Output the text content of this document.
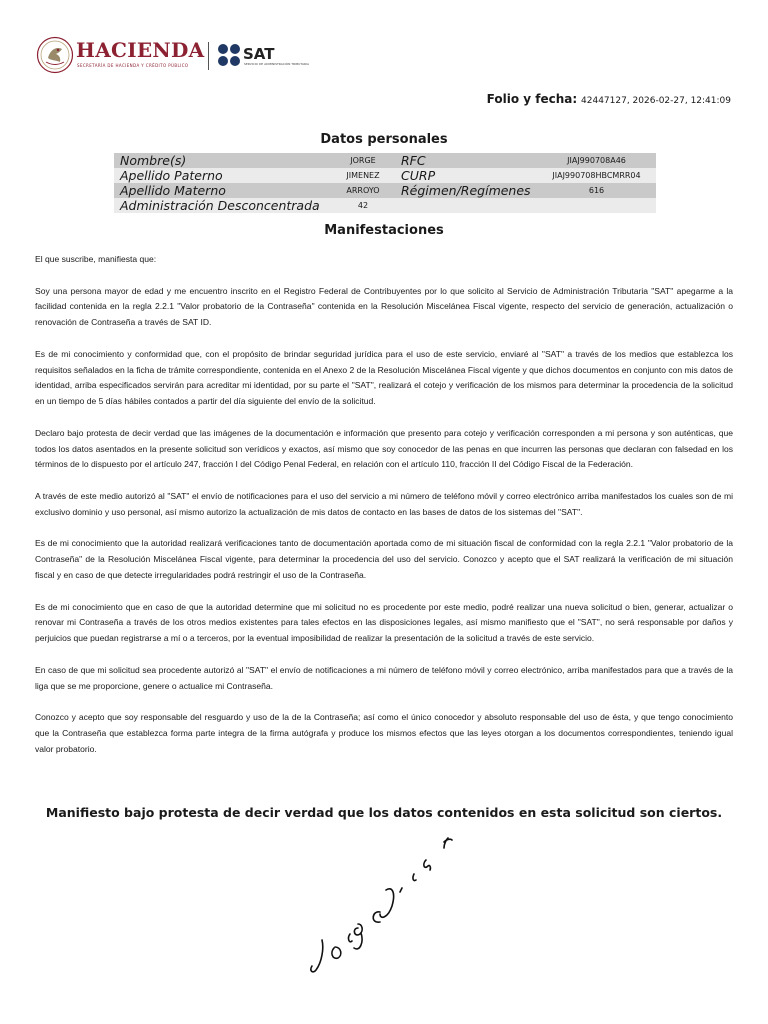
HACIENDA
SECRETARÍA DE HACIENDA Y CRÉDITO PÚBLICO
SAT
SERVICIO DE ADMINISTRACIÓN TRIBUTARIA
Folio y fecha: 42447127, 2026-02-27, 12:41:09
Datos personales
Nombre(s)	JORGE	RFC	JIAJ990708A46
Apellido Paterno	JIMENEZ	CURP	JIAJ990708HBCMRR04
Apellido Materno	ARROYO	Régimen/Regímenes	616
Administración Desconcentrada	42		
Manifestaciones

El que suscribe, manifiesta que:

Soy una persona mayor de edad y me encuentro inscrito en el Registro Federal de Contribuyentes por lo que solicito al Servicio de Administración Tributaria "SAT" apegarme a la facilidad contenida en la regla 2.2.1 "Valor probatorio de la Contraseña" contenida en la Resolución Miscelánea Fiscal vigente, respecto del servicio de generación, actualización o renovación de Contraseña a través de SAT ID.

Es de mi conocimiento y conformidad que, con el propósito de brindar seguridad jurídica para el uso de este servicio, enviaré al "SAT" a través de los medios que establezca los requisitos señalados en la ficha de trámite correspondiente, contenida en el Anexo 2 de la Resolución Miscelánea Fiscal vigente y que dichos documentos en conjunto con mis datos de identidad, arriba especificados servirán para acreditar mi identidad, por su parte el "SAT", realizará el cotejo y verificación de los mismos para determinar la procedencia de la solicitud en un tiempo de 5 días hábiles contados a partir del día siguiente del envío de la solicitud.

Declaro bajo protesta de decir verdad que las imágenes de la documentación e información que presento para cotejo y verificación corresponden a mi persona y son auténticas, que todos los datos asentados en la presente solicitud son verídicos y exactos, así mismo que soy conocedor de las penas en que incurren las personas que declaran con falsedad en los términos de lo dispuesto por el artículo 247, fracción I del Código Penal Federal, en relación con el artículo 110, fracción II del Código Fiscal de la Federación.

A través de este medio autorizó al "SAT" el envío de notificaciones para el uso del servicio a mi número de teléfono móvil y correo electrónico arriba manifestados los cuales son de mi exclusivo dominio y uso personal, así mismo autorizo la actualización de mis datos de contacto en las bases de datos de los sistemas del "SAT".

Es de mi conocimiento que la autoridad realizará verificaciones tanto de documentación aportada como de mi situación fiscal de conformidad con la regla 2.2.1 "Valor probatorio de la Contraseña" de la Resolución Miscelánea Fiscal vigente, para determinar la procedencia del uso del servicio. Conozco y acepto que el SAT realizará la verificación de mi situación fiscal y en caso de que detecte irregularidades podrá restringir el uso de la Contraseña.

Es de mi conocimiento que en caso de que la autoridad determine que mi solicitud no es procedente por este medio, podré realizar una nueva solicitud o bien, generar, actualizar o renovar mi Contraseña a través de los otros medios existentes para tales efectos en las disposiciones legales, así mismo manifiesto que el "SAT", no será responsable por daños y perjuicios que puedan registrarse a mí o a terceros, por la eventual imposibilidad de realizar la presentación de la solicitud a través de este servicio.

En caso de que mi solicitud sea procedente autorizó al "SAT" el envío de notificaciones a mi número de teléfono móvil y correo electrónico, arriba manifestados para que a través de la liga que se me proporcione, genere o actualice mi Contraseña.

Conozco y acepto que soy responsable del resguardo y uso de la de la Contraseña; así como el único conocedor y absoluto responsable del uso de ésta, y que tengo conocimiento que la Contraseña que establezca forma parte integra de la firma autógrafa y produce los mismos efectos que las leyes otorgan a los documentos correspondientes, teniendo igual valor probatorio.

Manifiesto bajo protesta de decir verdad que los datos contenidos en esta solicitud son ciertos.
